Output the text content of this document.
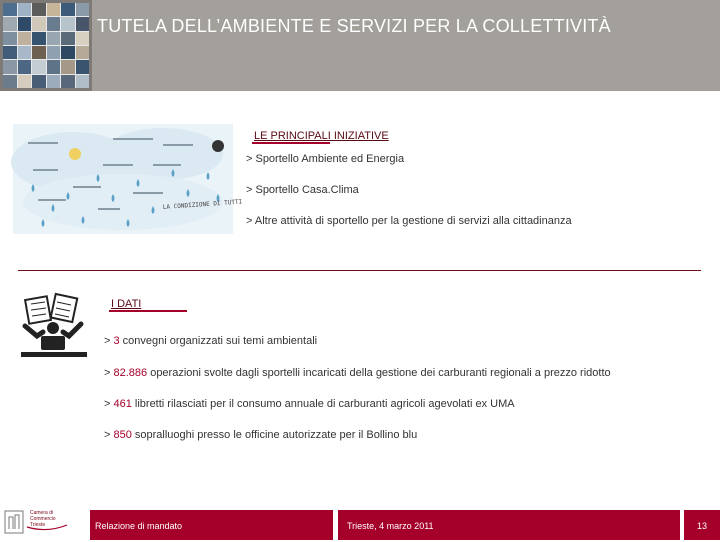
TUTELA DELL’AMBIENTE E SERVIZI PER LA COLLETTIVITÀ
LA CONDIZIONE DI TUTTI
LE PRINCIPALI INIZIATIVE
> Sportello Ambiente ed Energia
> Sportello Casa.Clima
> Altre attività di sportello per la gestione di servizi alla cittadinanza
I DATI
> 3 convegni organizzati sui temi ambientali
> 82.886 operazioni svolte dagli sportelli incaricati della gestione dei carburanti regionali a prezzo ridotto
> 461 libretti rilasciati per il consumo annuale di carburanti agricoli agevolati ex UMA
> 850 sopralluoghi presso le officine autorizzate per il Bollino blu
Camera di Commercio Trieste	Relazione di mandato	Trieste, 4 marzo 2011	13
